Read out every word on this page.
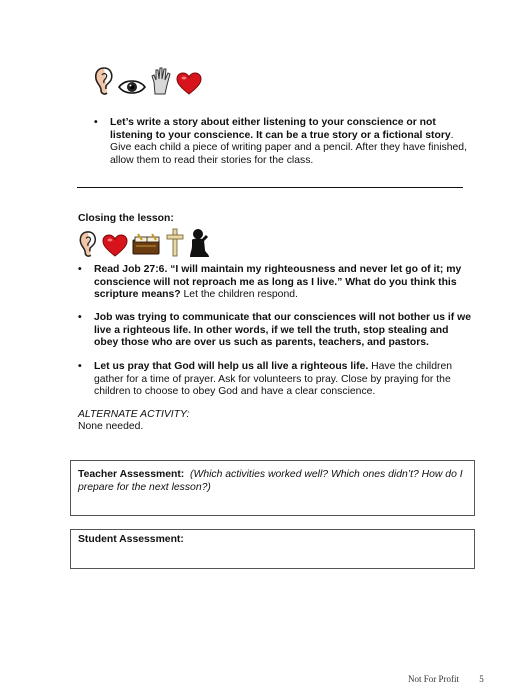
•	Let’s write a story about either listening to your conscience or not listening to your conscience. It can be a true story or a fictional story. Give each child a piece of writing paper and a pencil. After they have finished, allow them to read their stories for the class.
Closing the lesson:
•	Read Job 27:6. “I will maintain my righteousness and never let go of it; my conscience will not reproach me as long as I live.” What do you think this scripture means? Let the children respond.
•	Job was trying to communicate that our consciences will not bother us if we live a righteous life. In other words, if we tell the truth, stop stealing and obey those who are over us such as parents, teachers, and pastors.
•	Let us pray that God will help us all live a righteous life. Have the children gather for a time of prayer. Ask for volunteers to pray. Close by praying for the children to choose to obey God and have a clear conscience.
ALTERNATE ACTIVITY:
None needed.
Teacher Assessment: (Which activities worked well? Which ones didn’t? How do I prepare for the next lesson?)
Student Assessment:
Not For Profit 5
